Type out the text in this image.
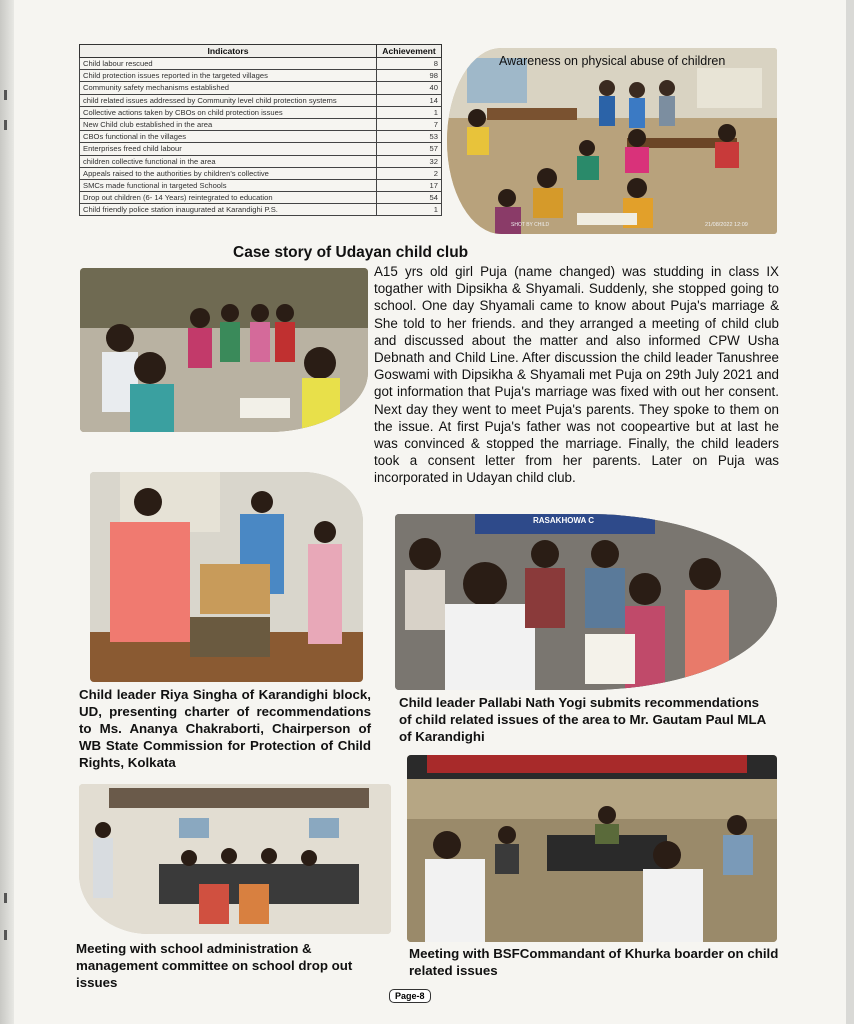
Indicators	Achievement
Child labour rescued	8
Child protection issues reported in the targeted villages	98
Community safety mechanisms established	40
child related issues addressed by Community level child protection systems	14
Collective actions taken by CBOs on child protection issues	1
New Child club established in the area	7
CBOs functional in the villages	53
Enterprises freed child labour	57
children collective functional in the area	32
Appeals raised to the authorities by children's collective	2
SMCs made functional in targeted Schools	17
Drop out children (6- 14 Years) reintegrated to education	54
Child friendly police station inaugurated at Karandighi P.S.	1
Awareness on physical abuse of children
SHOT BY CHILD	21/08/2022 12:09
Case story of Udayan child club
A15 yrs old girl Puja (name changed) was studding in class IX togather with Dipsikha & Shyamali. Suddenly, she stopped going to school. One day Shyamali came to know about Puja's marriage & She told to her friends. and they arranged a meeting of child club and discussed about the matter and also informed CPW Usha Debnath and Child Line. After discussion the child leader Tanushree Goswami with Dipsikha & Shyamali met Puja on 29th July 2021 and got information that Puja's marriage was fixed with out her consent. Next day they went to meet Puja's parents. They spoke to them on the issue. At first Puja's father was not coopeartive but at last he was convinced & stopped the marriage. Finally, the child leaders took a consent letter from her parents. Later on Puja was incorporated in Udayan child club.
RASAKHOWA C
Child leader Riya Singha of Karandighi block, UD, presenting charter of recommendations to Ms. Ananya Chakraborti, Chairperson of WB State Commission for Protection of Child Rights, Kolkata
Child leader Pallabi Nath Yogi submits recommendations of child related issues of the area to Mr. Gautam Paul MLA of Karandighi
Meeting with school administration & management committee on school drop out issues
Meeting with BSFCommandant of Khurka boarder on child related issues
Page-8
